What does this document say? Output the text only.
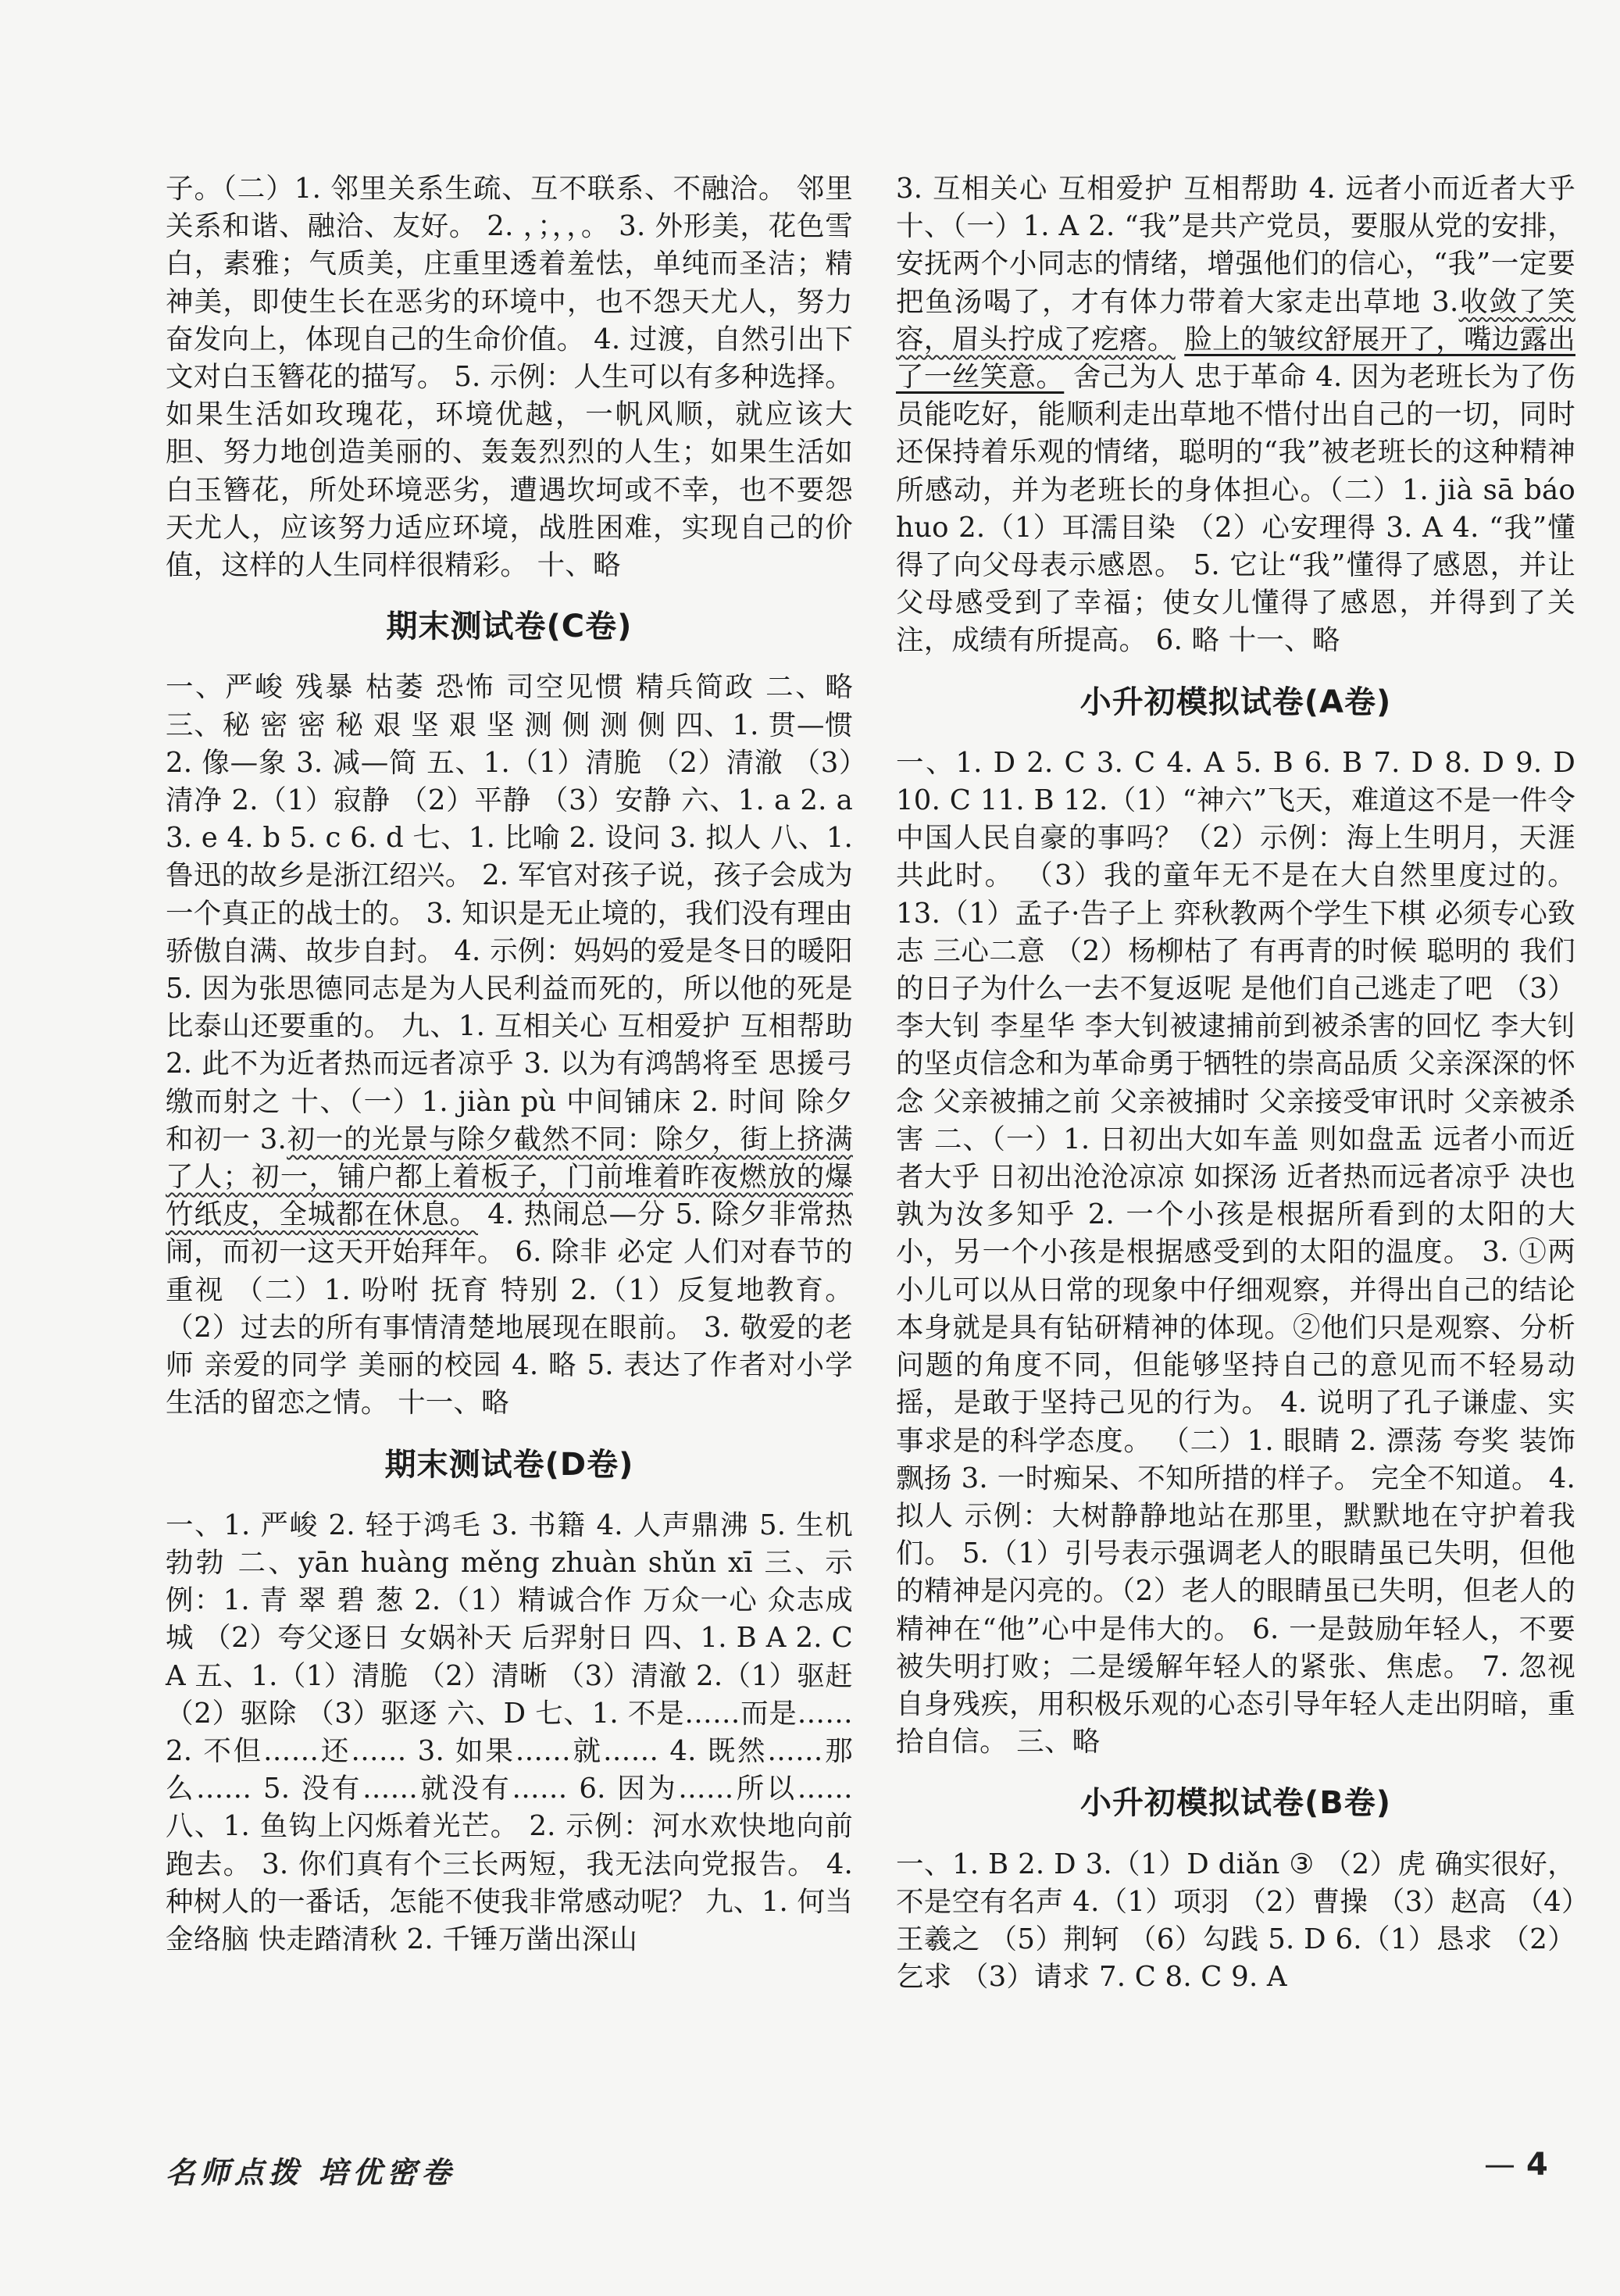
子。（二）1. 邻里关系生疏、互不联系、不融洽。 邻里关系和谐、融洽、友好。 2. ，；，，。 3. 外形美，花色雪白，素雅；气质美，庄重里透着羞怯，单纯而圣洁；精神美，即使生长在恶劣的环境中，也不怨天尤人，努力奋发向上，体现自己的生命价值。 4. 过渡，自然引出下文对白玉簪花的描写。 5. 示例：人生可以有多种选择。如果生活如玫瑰花，环境优越，一帆风顺，就应该大胆、努力地创造美丽的、轰轰烈烈的人生；如果生活如白玉簪花，所处环境恶劣，遭遇坎坷或不幸，也不要怨天尤人，应该努力适应环境，战胜困难，实现自己的价值，这样的人生同样很精彩。 十、略

期末测试卷(C卷)

一、严峻 残暴 枯萎 恐怖 司空见惯 精兵简政 二、略 三、秘 密 密 秘 艰 坚 艰 坚 测 侧 测 侧 四、1. 贯—惯 2. 像—象 3. 减—简 五、1.（1）清脆 （2）清澈 （3）清净 2.（1）寂静 （2）平静 （3）安静 六、1. a 2. a 3. e 4. b 5. c 6. d 七、1. 比喻 2. 设问 3. 拟人 八、1. 鲁迅的故乡是浙江绍兴。 2. 军官对孩子说，孩子会成为一个真正的战士的。 3. 知识是无止境的，我们没有理由骄傲自满、故步自封。 4. 示例：妈妈的爱是冬日的暖阳 5. 因为张思德同志是为人民利益而死的，所以他的死是比泰山还要重的。 九、1. 互相关心 互相爱护 互相帮助 2. 此不为近者热而远者凉乎 3. 以为有鸿鹄将至 思援弓缴而射之 十、（一）1. jiàn pù 中间铺床 2. 时间 除夕和初一 3.初一的光景与除夕截然不同：除夕，街上挤满了人；初一，铺户都上着板子，门前堆着昨夜燃放的爆竹纸皮，全城都在休息。 4. 热闹总—分 5. 除夕非常热闹，而初一这天开始拜年。 6. 除非 必定 人们对春节的重视 （二）1. 吩咐 抚育 特别 2.（1）反复地教育。（2）过去的所有事情清楚地展现在眼前。 3. 敬爱的老师 亲爱的同学 美丽的校园 4. 略 5. 表达了作者对小学生活的留恋之情。 十一、略

期末测试卷(D卷)

一、1. 严峻 2. 轻于鸿毛 3. 书籍 4. 人声鼎沸 5. 生机勃勃 二、yān huàng měng zhuàn shǔn xī 三、示例：1. 青 翠 碧 葱 2.（1）精诚合作 万众一心 众志成城 （2）夸父逐日 女娲补天 后羿射日 四、1. B A 2. C A 五、1.（1）清脆 （2）清晰 （3）清澈 2.（1）驱赶 （2）驱除 （3）驱逐 六、D 七、1. 不是……而是…… 2. 不但……还…… 3. 如果……就…… 4. 既然……那么…… 5. 没有……就没有…… 6. 因为……所以…… 八、1. 鱼钩上闪烁着光芒。 2. 示例：河水欢快地向前跑去。 3. 你们真有个三长两短，我无法向党报告。 4. 种树人的一番话，怎能不使我非常感动呢？ 九、1. 何当金络脑 快走踏清秋 2. 千锤万凿出深山

3. 互相关心 互相爱护 互相帮助 4. 远者小而近者大乎 十、（一）1. A 2. “我”是共产党员，要服从党的安排，安抚两个小同志的情绪，增强他们的信心，“我”一定要把鱼汤喝了，才有体力带着大家走出草地 3.收敛了笑容，眉头拧成了疙瘩。 脸上的皱纹舒展开了，嘴边露出了一丝笑意。 舍己为人 忠于革命 4. 因为老班长为了伤员能吃好，能顺利走出草地不惜付出自己的一切，同时还保持着乐观的情绪，聪明的“我”被老班长的这种精神所感动，并为老班长的身体担心。（二）1. jià sā báo huo 2.（1）耳濡目染 （2）心安理得 3. A 4. “我”懂得了向父母表示感恩。 5. 它让“我”懂得了感恩，并让父母感受到了幸福；使女儿懂得了感恩，并得到了关注，成绩有所提高。 6. 略 十一、略

小升初模拟试卷(A卷)

一、1. D 2. C 3. C 4. A 5. B 6. B 7. D 8. D 9. D 10. C 11. B 12.（1）“神六”飞天，难道这不是一件令中国人民自豪的事吗？（2）示例：海上生明月，天涯共此时。 （3）我的童年无不是在大自然里度过的。 13.（1）孟子·告子上 弈秋教两个学生下棋 必须专心致志 三心二意 （2）杨柳枯了 有再青的时候 聪明的 我们的日子为什么一去不复返呢 是他们自己逃走了吧 （3）李大钊 李星华 李大钊被逮捕前到被杀害的回忆 李大钊的坚贞信念和为革命勇于牺牲的崇高品质 父亲深深的怀念 父亲被捕之前 父亲被捕时 父亲接受审讯时 父亲被杀害 二、（一）1. 日初出大如车盖 则如盘盂 远者小而近者大乎 日初出沧沧凉凉 如探汤 近者热而远者凉乎 决也 孰为汝多知乎 2. 一个小孩是根据所看到的太阳的大小，另一个小孩是根据感受到的太阳的温度。 3. ①两小儿可以从日常的现象中仔细观察，并得出自己的结论本身就是具有钻研精神的体现。②他们只是观察、分析问题的角度不同，但能够坚持自己的意见而不轻易动摇，是敢于坚持己见的行为。 4. 说明了孔子谦虚、实事求是的科学态度。 （二）1. 眼睛 2. 漂荡 夸奖 装饰 飘扬 3. 一时痴呆、不知所措的样子。 完全不知道。 4. 拟人 示例：大树静静地站在那里，默默地在守护着我们。 5.（1）引号表示强调老人的眼睛虽已失明，但他的精神是闪亮的。（2）老人的眼睛虽已失明，但老人的精神在“他”心中是伟大的。 6. 一是鼓励年轻人，不要被失明打败；二是缓解年轻人的紧张、焦虑。 7. 忽视自身残疾，用积极乐观的心态引导年轻人走出阴暗，重拾自信。 三、略

小升初模拟试卷(B卷)

一、1. B 2. D 3.（1）D diǎn ③ （2）虎 确实很好，不是空有名声 4.（1）项羽 （2）曹操 （3）赵高 （4）王羲之 （5）荆轲 （6）勾践 5. D 6.（1）恳求 （2）乞求 （3）请求 7. C 8. C 9. A

名师点拨 培优密卷	— 4
